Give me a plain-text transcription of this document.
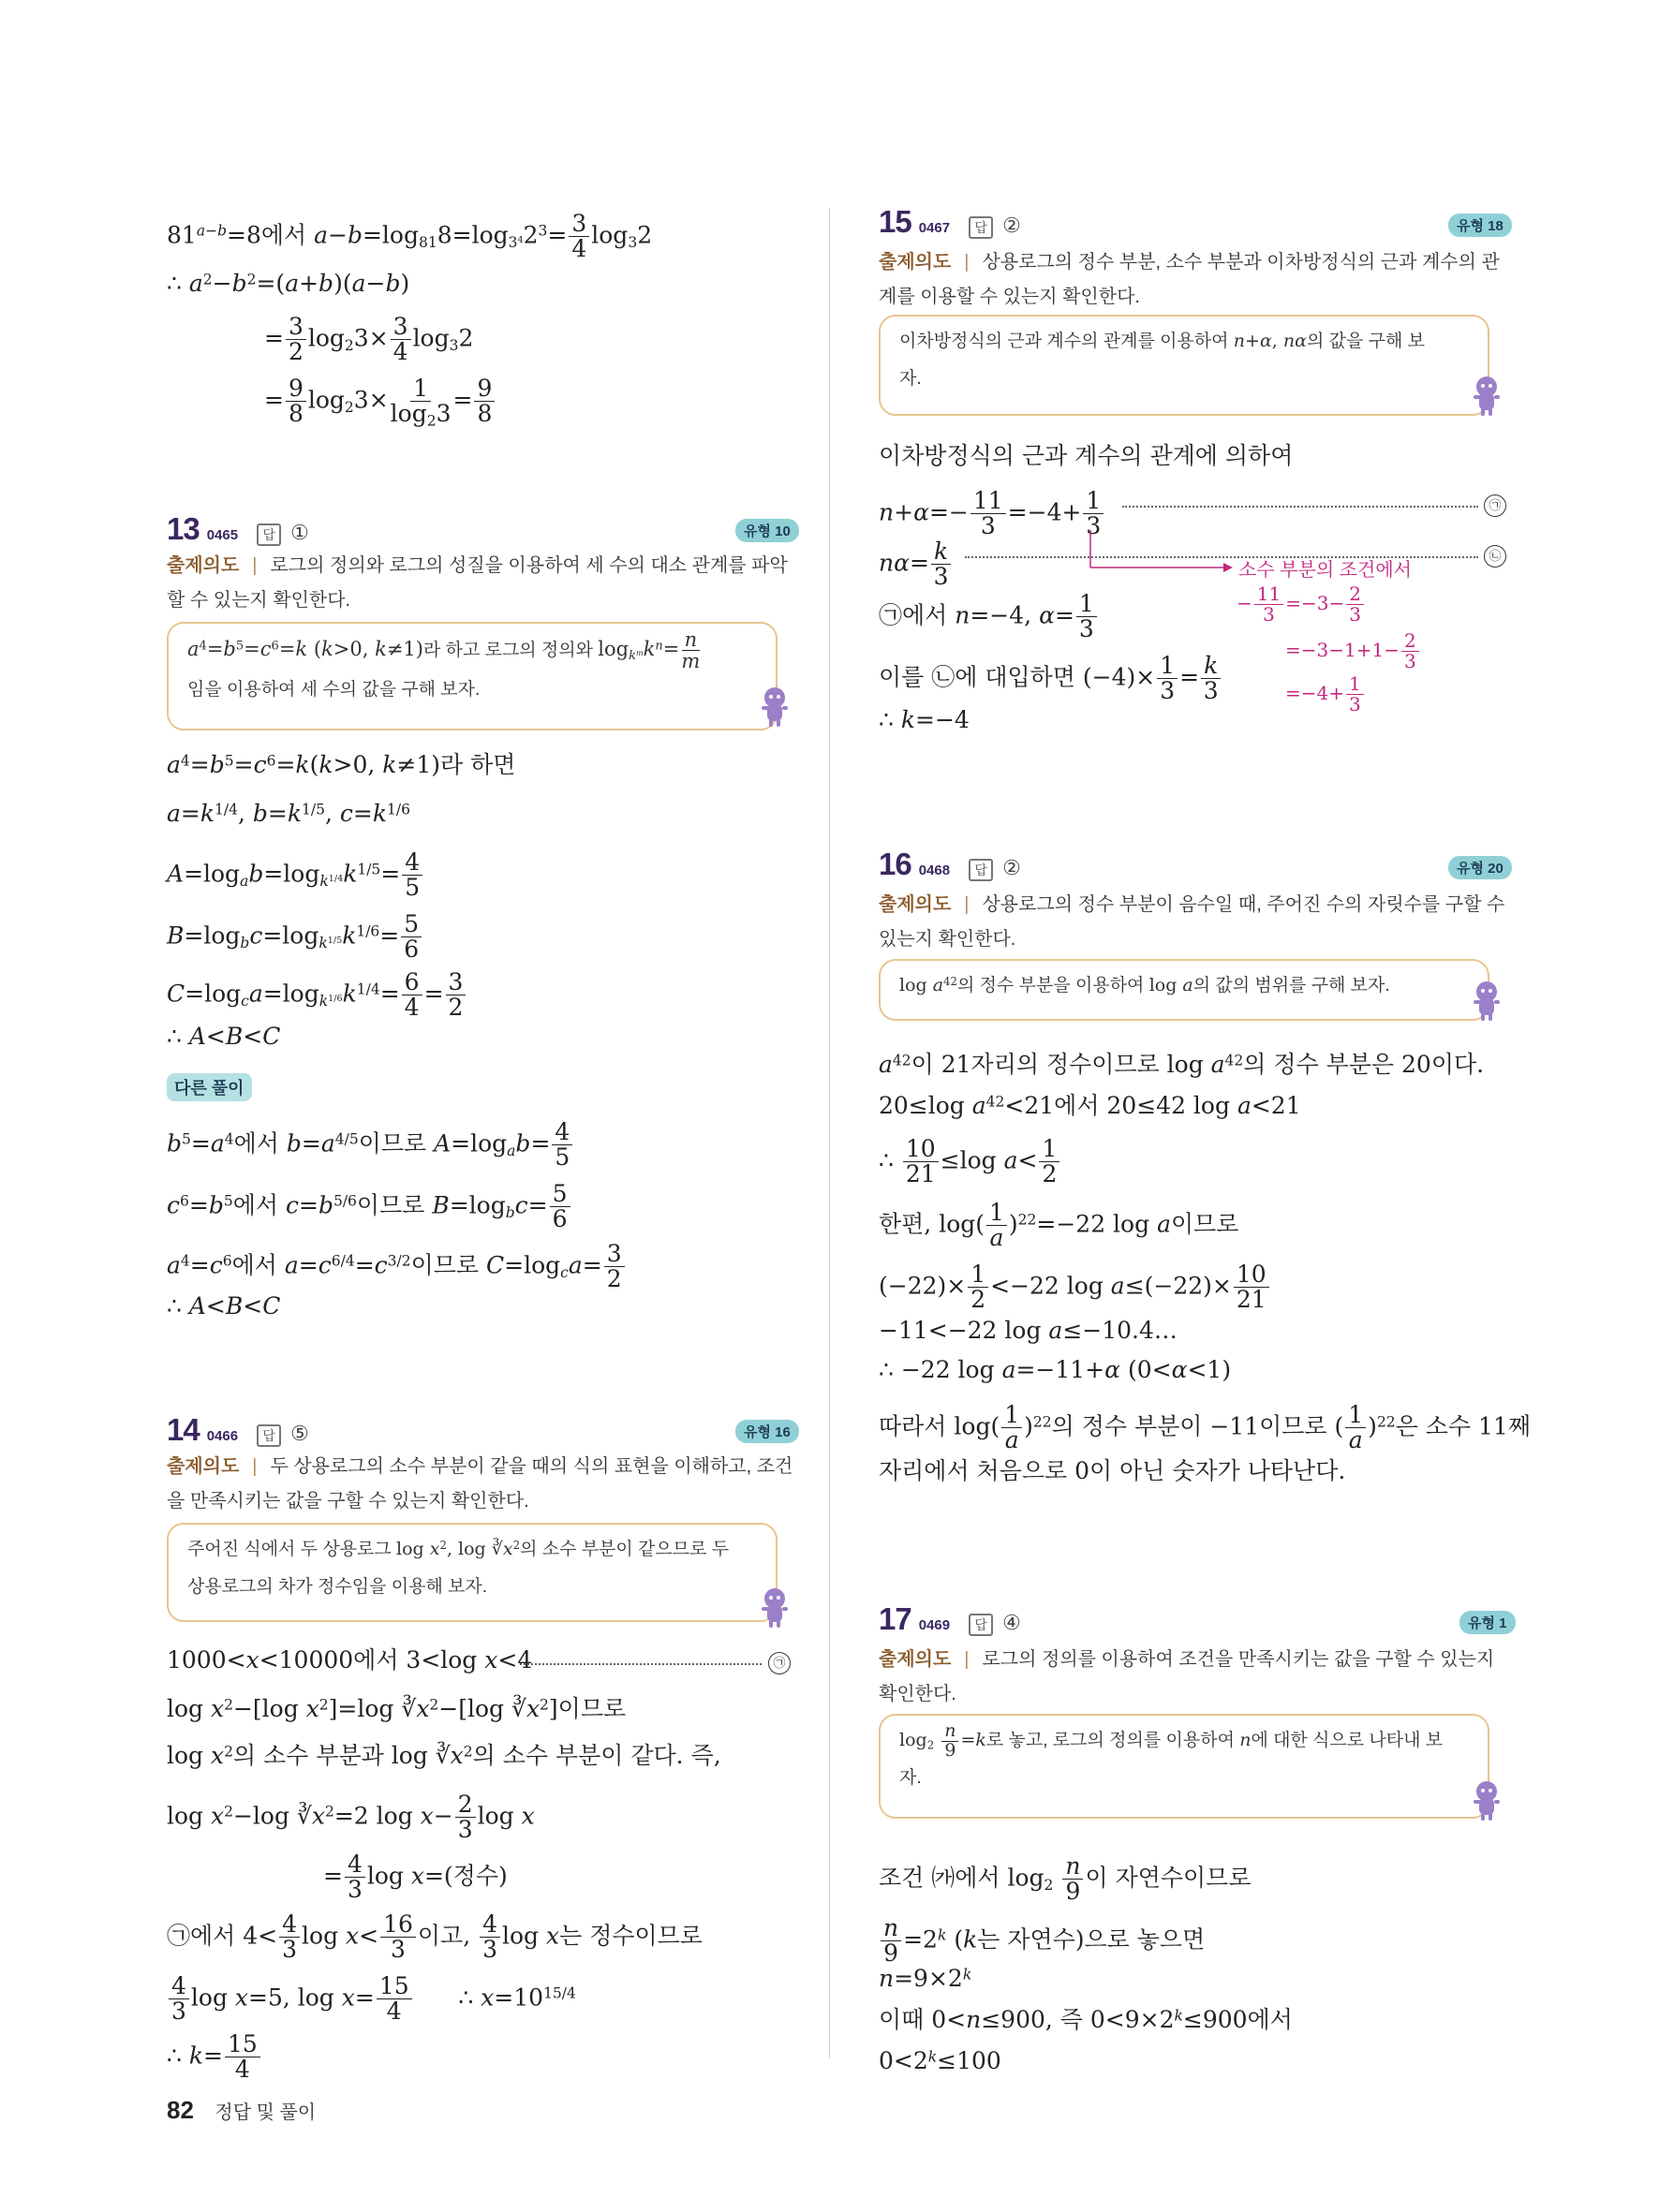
$81^{a-b}=8$에서 $a-b=\log_{81}8=\log_{3^4}2^3= \frac{3}{4} \log_32$
∴ $a^2-b^2=(a+b)(a-b)$
= $\frac{3}{2} \log_23\times \frac{3}{4} \log_32$
= $\frac{9}{8} \log_23\times \frac{1}{\log_23} = \frac{9}{8}$
13 0465	답 ①	유형 10
출제의도 | 로그의 정의와 로그의 성질을 이용하여 세 수의 대소 관계를 파악할 수 있는지 확인한다.
$a^4=b^5=c^6=k$ (k>0, k≠1)라 하고 로그의 정의와 $\log_{k^m}k^n= \frac{n}{m}$

임을 이용하여 세 수의 값을 구해 보자.
$a^4=b^5=c^6=k(k>0$, k≠1)라 하면
$a=k^{1/4}$, $b=k^{1/5}$, $c=k^{1/6}$
$A=\log_ab=\log_{k^{1/4}}k^{1/5}= \frac{4}{5}$
$B=\log_bc=\log_{k^{1/5}}k^{1/6}= \frac{5}{6}$
$C=\log_ca=\log_{k^{1/6}}k^{1/4}= \frac{6}{4} = \frac{3}{2}$
∴ A<B<C
다른 풀이
$b^5=a^4$에서 $b=a^{4/5}$이므로 $A=\log_ab= \frac{4}{5}$
$c^6=b^5$에서 $c=b^{5/6}$이므로 $B=\log_bc= \frac{5}{6}$
$a^4=c^6$에서 $a=c^{6/4}=c^{3/2}$이므로 $C=\log_ca= \frac{3}{2}$
∴ A<B<C
14 0466	답 ⑤	유형 16
출제의도 | 두 상용로그의 소수 부분이 같을 때의 식의 표현을 이해하고, 조건을 만족시키는 값을 구할 수 있는지 확인한다.
주어진 식에서 두 상용로그 $\log x^2$, $\log ∛x^2$의 소수 부분이 같으므로 두
상용로그의 차가 정수임을 이용해 보자.
1000<x<10000에서 3<log x<4	㉠
$\log x^2-[\log$ $x^2]=\log$ $∛x^2-[\log$ $∛x^2$]이므로
$\log x^2$의 소수 부분과 $\log ∛x^2$의 소수 부분이 같다. 즉,
$\log x^2-\log$ $∛x^2=2$ $\log x- \frac{2}{3}$ log x
= $\frac{4}{3}$ log x=(정수)
㉠에서 $4< \frac{4}{3}$ $\log x< \frac{16}{3}$ 이고, $\frac{4}{3}$ log x는 정수이므로
$\frac{4}{3}$ log x=5, $\log x= \frac{15}{4}$ ∴ $x=10^{15/4}$
∴ $k= \frac{15}{4}$
15 0467	답 ②	유형 18
출제의도 | 상용로그의 정수 부분, 소수 부분과 이차방정식의 근과 계수의 관계를 이용할 수 있는지 확인한다.
이차방정식의 근과 계수의 관계를 이용하여 n+α, nα의 값을 구해 보
자.
이차방정식의 근과 계수의 관계에 의하여
$n+\alpha=- \frac{11}{3} =-4+ \frac{1}{3}$	㉠
$n\alpha= \frac{k}{3}$	㉡
㉠에서 n=−4, $\alpha= \frac{1}{3}$
이를 ㉡에 대입하면 $(-4)\times \frac{1}{3} = \frac{k}{3}$
∴ k=−4
소수 부분의 조건에서
− $\frac{11}{3} =-3- \frac{2}{3}$
$=-3-1+1- \frac{2}{3}$
$=-4+ \frac{1}{3}$
16 0468	답 ②	유형 20
출제의도 | 상용로그의 정수 부분이 음수일 때, 주어진 수의 자릿수를 구할 수 있는지 확인한다.
$\log a^{42}$의 정수 부분을 이용하여 log a의 값의 범위를 구해 보자.
$a^{42}$이 21자리의 정수이므로 $\log a^{42}$의 정수 부분은 20이다.
20≤log $a^{42}<21$에서 20≤42 log a<21
∴ $\frac{10}{21} \le\log$ $a< \frac{1}{2}$
한편, $\log( \frac{1}{a} )^{22}=-22$ log a이므로
$(-22)\times \frac{1}{2} <-22$ $\log a\le(-22)\times \frac{10}{21}$
−11<−22 log a≤−10.4…
∴ −22 log a=−11+α (0<α<1)
따라서 $\log( \frac{1}{a} )^{22}$의 정수 부분이 −11이므로 ( $\frac{1}{a} )^{22}$은 소수 11째
자리에서 처음으로 0이 아닌 숫자가 나타난다.
17 0469	답 ④	유형 1
출제의도 | 로그의 정의를 이용하여 조건을 만족시키는 값을 구할 수 있는지 확인한다.
$\log_2 \frac{n}{9} =k$로 놓고, 로그의 정의를 이용하여 n에 대한 식으로 나타내 보
자.
조건 ㈎에서 $\log_2 \frac{n}{9}$ 이 자연수이므로
$\frac{n}{9} =2^k$ (k는 자연수)으로 놓으면
$n=9\times 2^k$
이때 0<n≤900, 즉 $0<9\times 2^k\le 900$에서
$0<2^k\le 100$
82 정답 및 풀이
